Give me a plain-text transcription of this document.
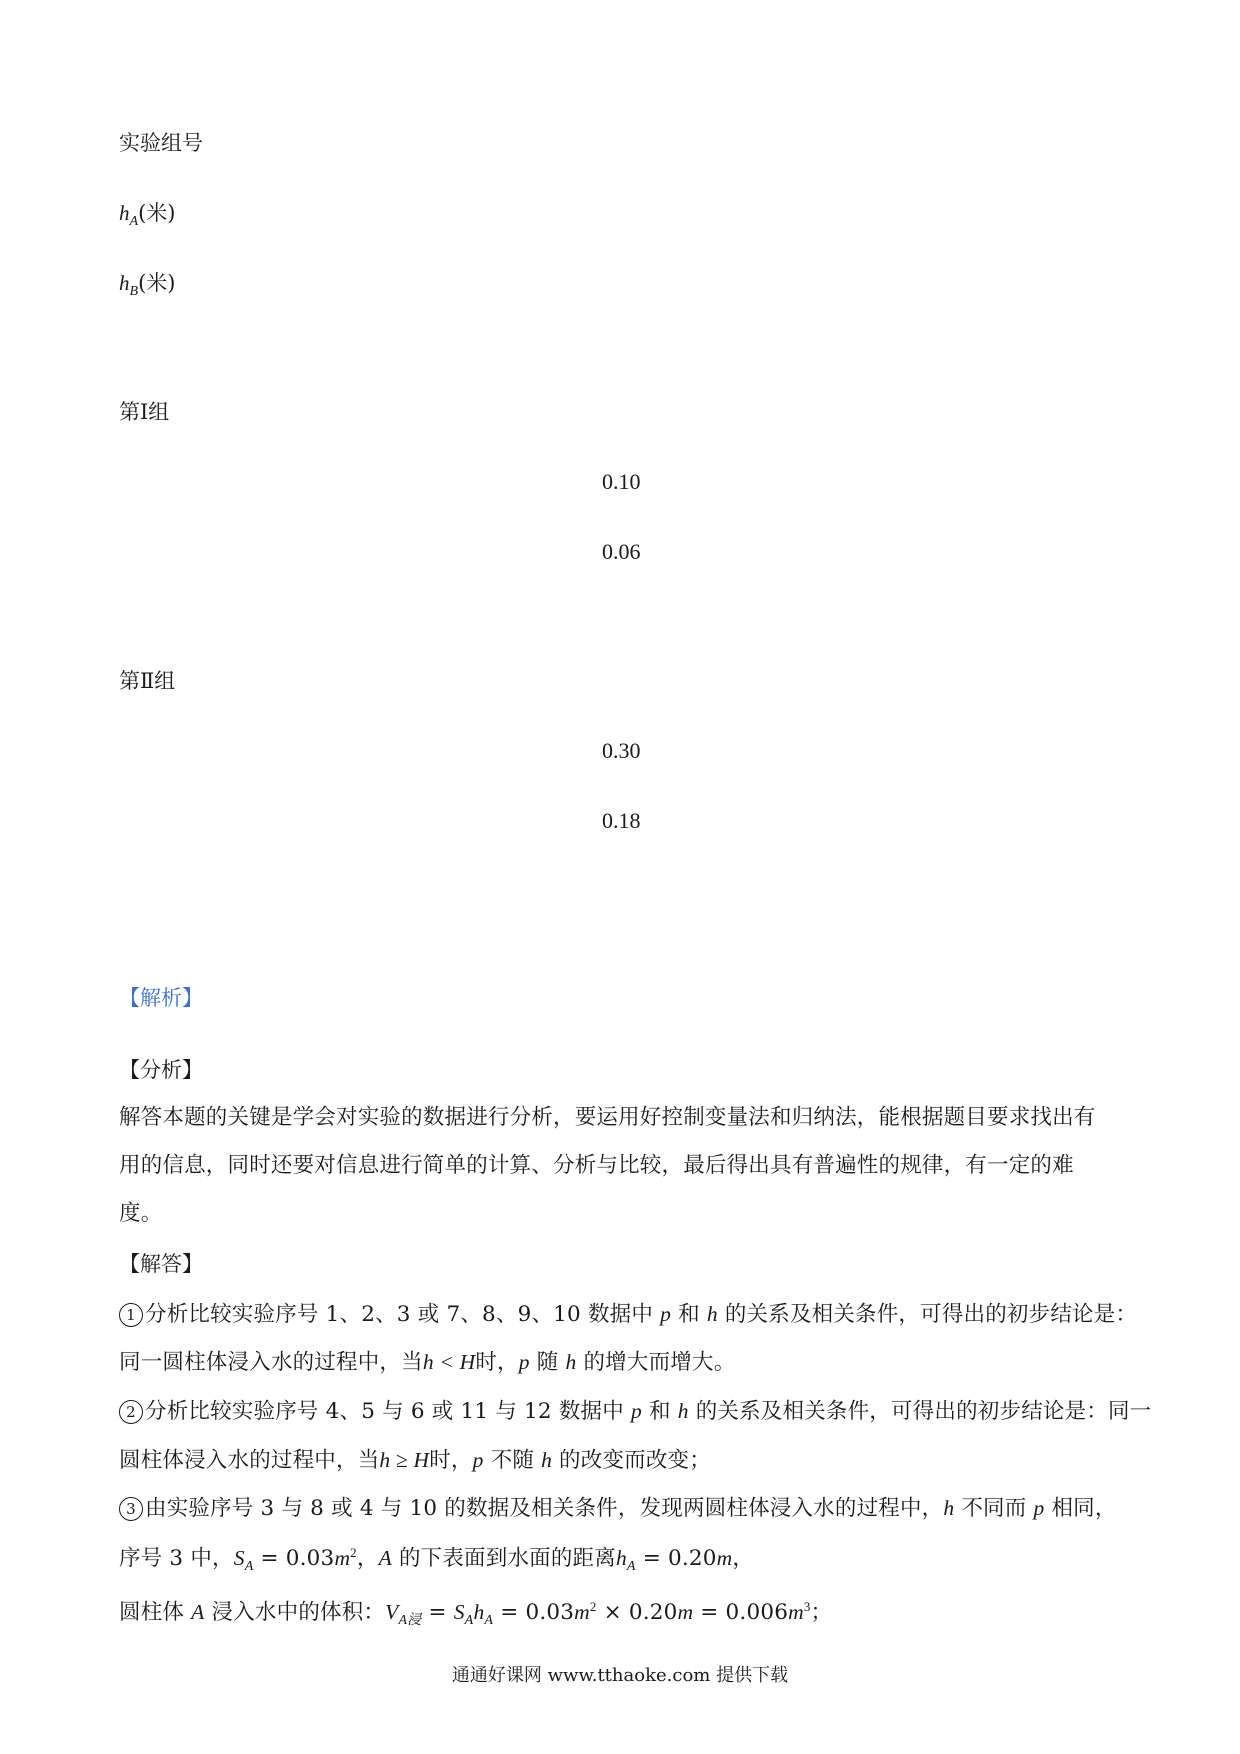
实验组号
$h_A$(米)
$h_B$(米)
第Ⅰ组
0.10
0.06
第Ⅱ组
0.30
0.18
【解析】
【分析】
解答本题的关键是学会对实验的数据进行分析，要运用好控制变量法和归纳法，能根据题目要求找出有
用的信息，同时还要对信息进行简单的计算、分析与比较，最后得出具有普遍性的规律，有一定的难
度。
【解答】
1 分析比较实验序号 1、2、3 或 7、8、9、10 数据中 p 和 h 的关系及相关条件，可得出的初步结论是：
同一圆柱体浸入水的过程中，当h < H时，p 随 h 的增大而增大。
2 分析比较实验序号 4、5 与 6 或 11 与 12 数据中 p 和 h 的关系及相关条件，可得出的初步结论是：同一
圆柱体浸入水的过程中，当h ≥ H时，p 不随 h 的改变而改变；
3 由实验序号 3 与 8 或 4 与 10 的数据及相关条件，发现两圆柱体浸入水的过程中，h 不同而 p 相同，
序号 3 中，$S_A = 0.03m^2$，A 的下表面到水面的距离$h_A = 0.20m$，
圆柱体 A 浸入水中的体积：$V_{A浸} = S_Ah_A = 0.03m^2 \times 0.20m = 0.006m^3$；
通通好课网 www.tthaoke.com 提供下载
